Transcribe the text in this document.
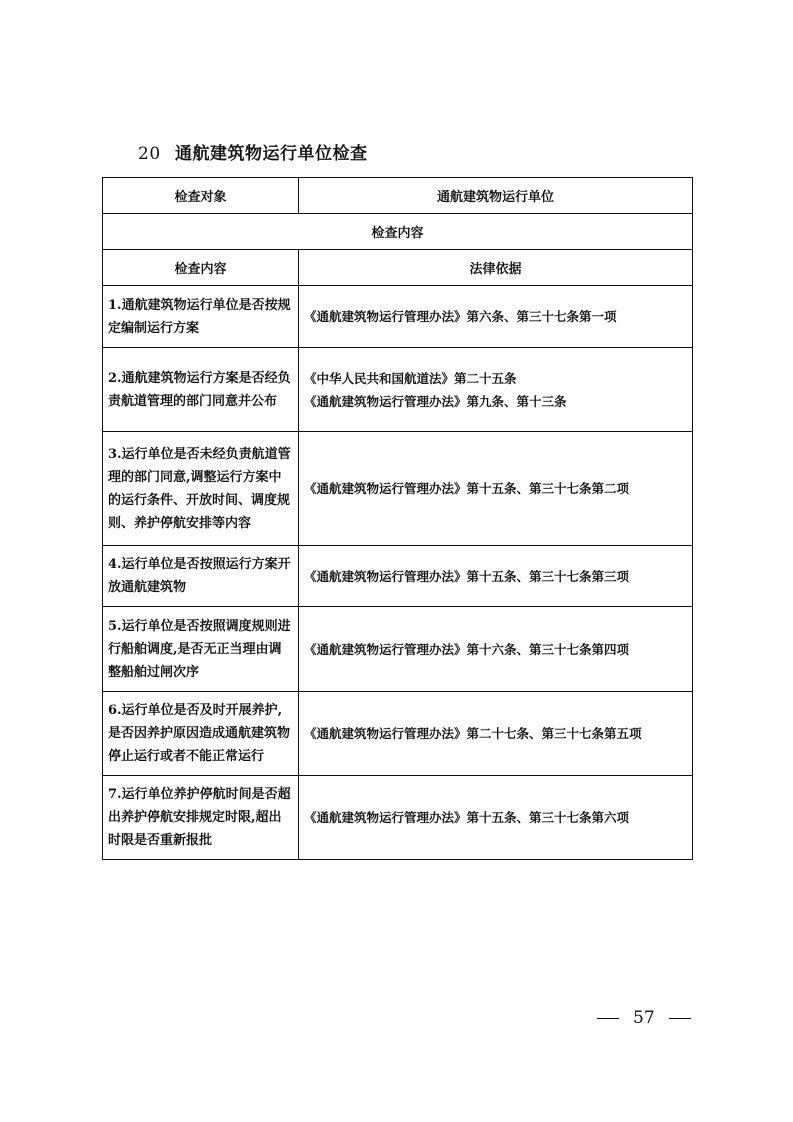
20 通航建筑物运行单位检查
检查对象	通航建筑物运行单位
检查内容	
检查内容	法律依据
1.通航建筑物运行单位是否按规定编制运行方案	《通航建筑物运行管理办法》第六条、第三十七条第一项

2.通航建筑物运行方案是否经负责航道管理的部门同意并公布	《中华人民共和国航道法》第二十五条
《通航建筑物运行管理办法》第九条、第十三条

3.运行单位是否未经负责航道管理的部门同意,调整运行方案中的运行条件、开放时间、调度规则、养护停航安排等内容	《通航建筑物运行管理办法》第十五条、第三十七条第二项

4.运行单位是否按照运行方案开放通航建筑物	《通航建筑物运行管理办法》第十五条、第三十七条第三项

5.运行单位是否按照调度规则进行船舶调度,是否无正当理由调整船舶过闸次序	《通航建筑物运行管理办法》第十六条、第三十七条第四项

6.运行单位是否及时开展养护,是否因养护原因造成通航建筑物停止运行或者不能正常运行	《通航建筑物运行管理办法》第二十七条、第三十七条第五项

7.运行单位养护停航时间是否超出养护停航安排规定时限,超出时限是否重新报批	《通航建筑物运行管理办法》第十五条、第三十七条第六项
57
